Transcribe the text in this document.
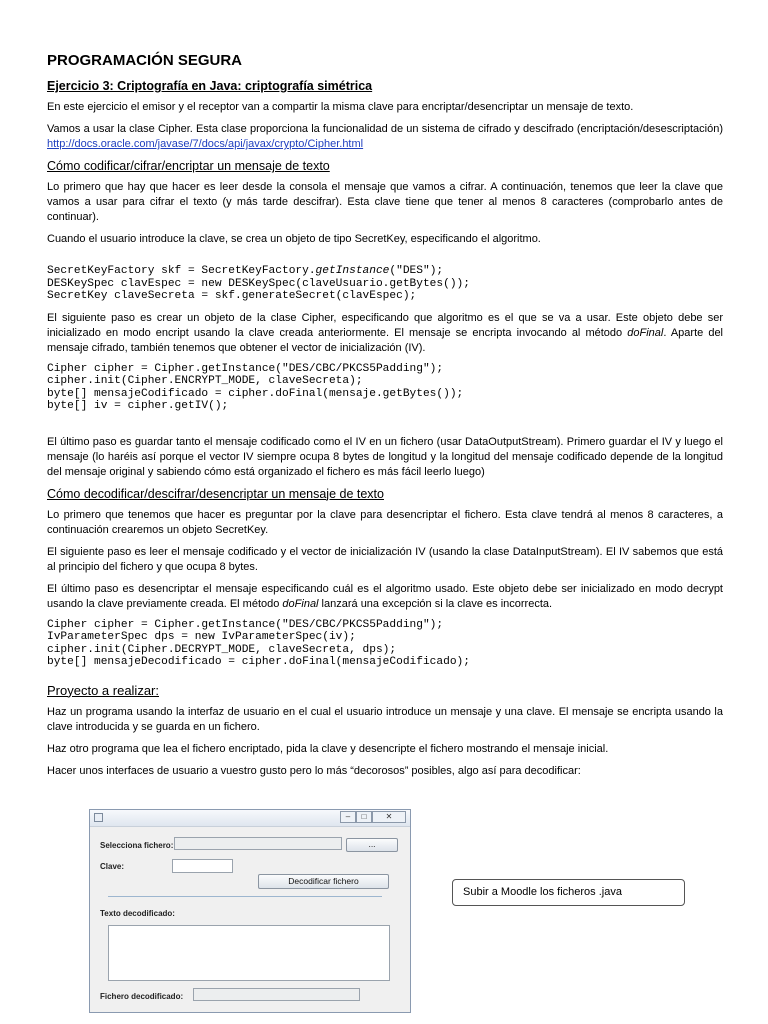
PROGRAMACIÓN SEGURA
Ejercicio 3: Criptografía en Java: criptografía simétrica

En este ejercicio el emisor y el receptor van a compartir la misma clave para encriptar/desencriptar un mensaje de texto.

Vamos a usar la clase Cipher. Esta clase proporciona la funcionalidad de un sistema de cifrado y descifrado (encriptación/desescriptación) http://docs.oracle.com/javase/7/docs/api/javax/crypto/Cipher.html

Cómo codificar/cifrar/encriptar un mensaje de texto

Lo primero que hay que hacer es leer desde la consola el mensaje que vamos a cifrar. A continuación, tenemos que leer la clave que vamos a usar para cifrar el texto (y más tarde descifrar). Esta clave tiene que tener al menos 8 caracteres (comprobarlo antes de continuar).

Cuando el usuario introduce la clave, se crea un objeto de tipo SecretKey, especificando el algoritmo.

SecretKeyFactory skf = SecretKeyFactory.getInstance("DES");
DESKeySpec clavEspec = new DESKeySpec(claveUsuario.getBytes());
SecretKey claveSecreta = skf.generateSecret(clavEspec);

El siguiente paso es crear un objeto de la clase Cipher, especificando que algoritmo es el que se va a usar. Este objeto debe ser inicializado en modo encript usando la clave creada anteriormente. El mensaje se encripta invocando al método doFinal. Aparte del mensaje cifrado, también tenemos que obtener el vector de inicialización (IV).

Cipher cipher = Cipher.getInstance("DES/CBC/PKCS5Padding");
cipher.init(Cipher.ENCRYPT_MODE, claveSecreta);
byte[] mensajeCodificado = cipher.doFinal(mensaje.getBytes());
byte[] iv = cipher.getIV();

El último paso es guardar tanto el mensaje codificado como el IV en un fichero (usar DataOutputStream). Primero guardar el IV y luego el mensaje (lo haréis así porque el vector IV siempre ocupa 8 bytes de longitud y la longitud del mensaje codificado depende de la longitud del mensaje original y sabiendo cómo está organizado el fichero es más fácil leerlo luego)

Cómo decodificar/descifrar/desencriptar un mensaje de texto

Lo primero que tenemos que hacer es preguntar por la clave para desencriptar el fichero. Esta clave tendrá al menos 8 caracteres, a continuación crearemos un objeto SecretKey.

El siguiente paso es leer el mensaje codificado y el vector de inicialización IV (usando la clase DataInputStream). El IV sabemos que está al principio del fichero y que ocupa 8 bytes.

El último paso es desencriptar el mensaje especificando cuál es el algoritmo usado. Este objeto debe ser inicializado en modo decrypt usando la clave previamente creada. El método doFinal lanzará una excepción si la clave es incorrecta.

Cipher cipher = Cipher.getInstance("DES/CBC/PKCS5Padding");
IvParameterSpec dps = new IvParameterSpec(iv);
cipher.init(Cipher.DECRYPT_MODE, claveSecreta, dps);
byte[] mensajeDecodificado = cipher.doFinal(mensajeCodificado);
Proyecto a realizar:

Haz un programa usando la interfaz de usuario en el cual el usuario introduce un mensaje y una clave. El mensaje se encripta usando la clave introducida y se guarda en un fichero.

Haz otro programa que lea el fichero encriptado, pida la clave y desencripte el fichero mostrando el mensaje inicial.

Hacer unos interfaces de usuario a vuestro gusto pero lo más “decorosos” posibles, algo así para decodificar:

–	□	✕
Selecciona fichero:	...
Clave:
Decodificar fichero
Texto decodificado:
Fichero decodificado:
Subir a Moodle los ficheros .java
